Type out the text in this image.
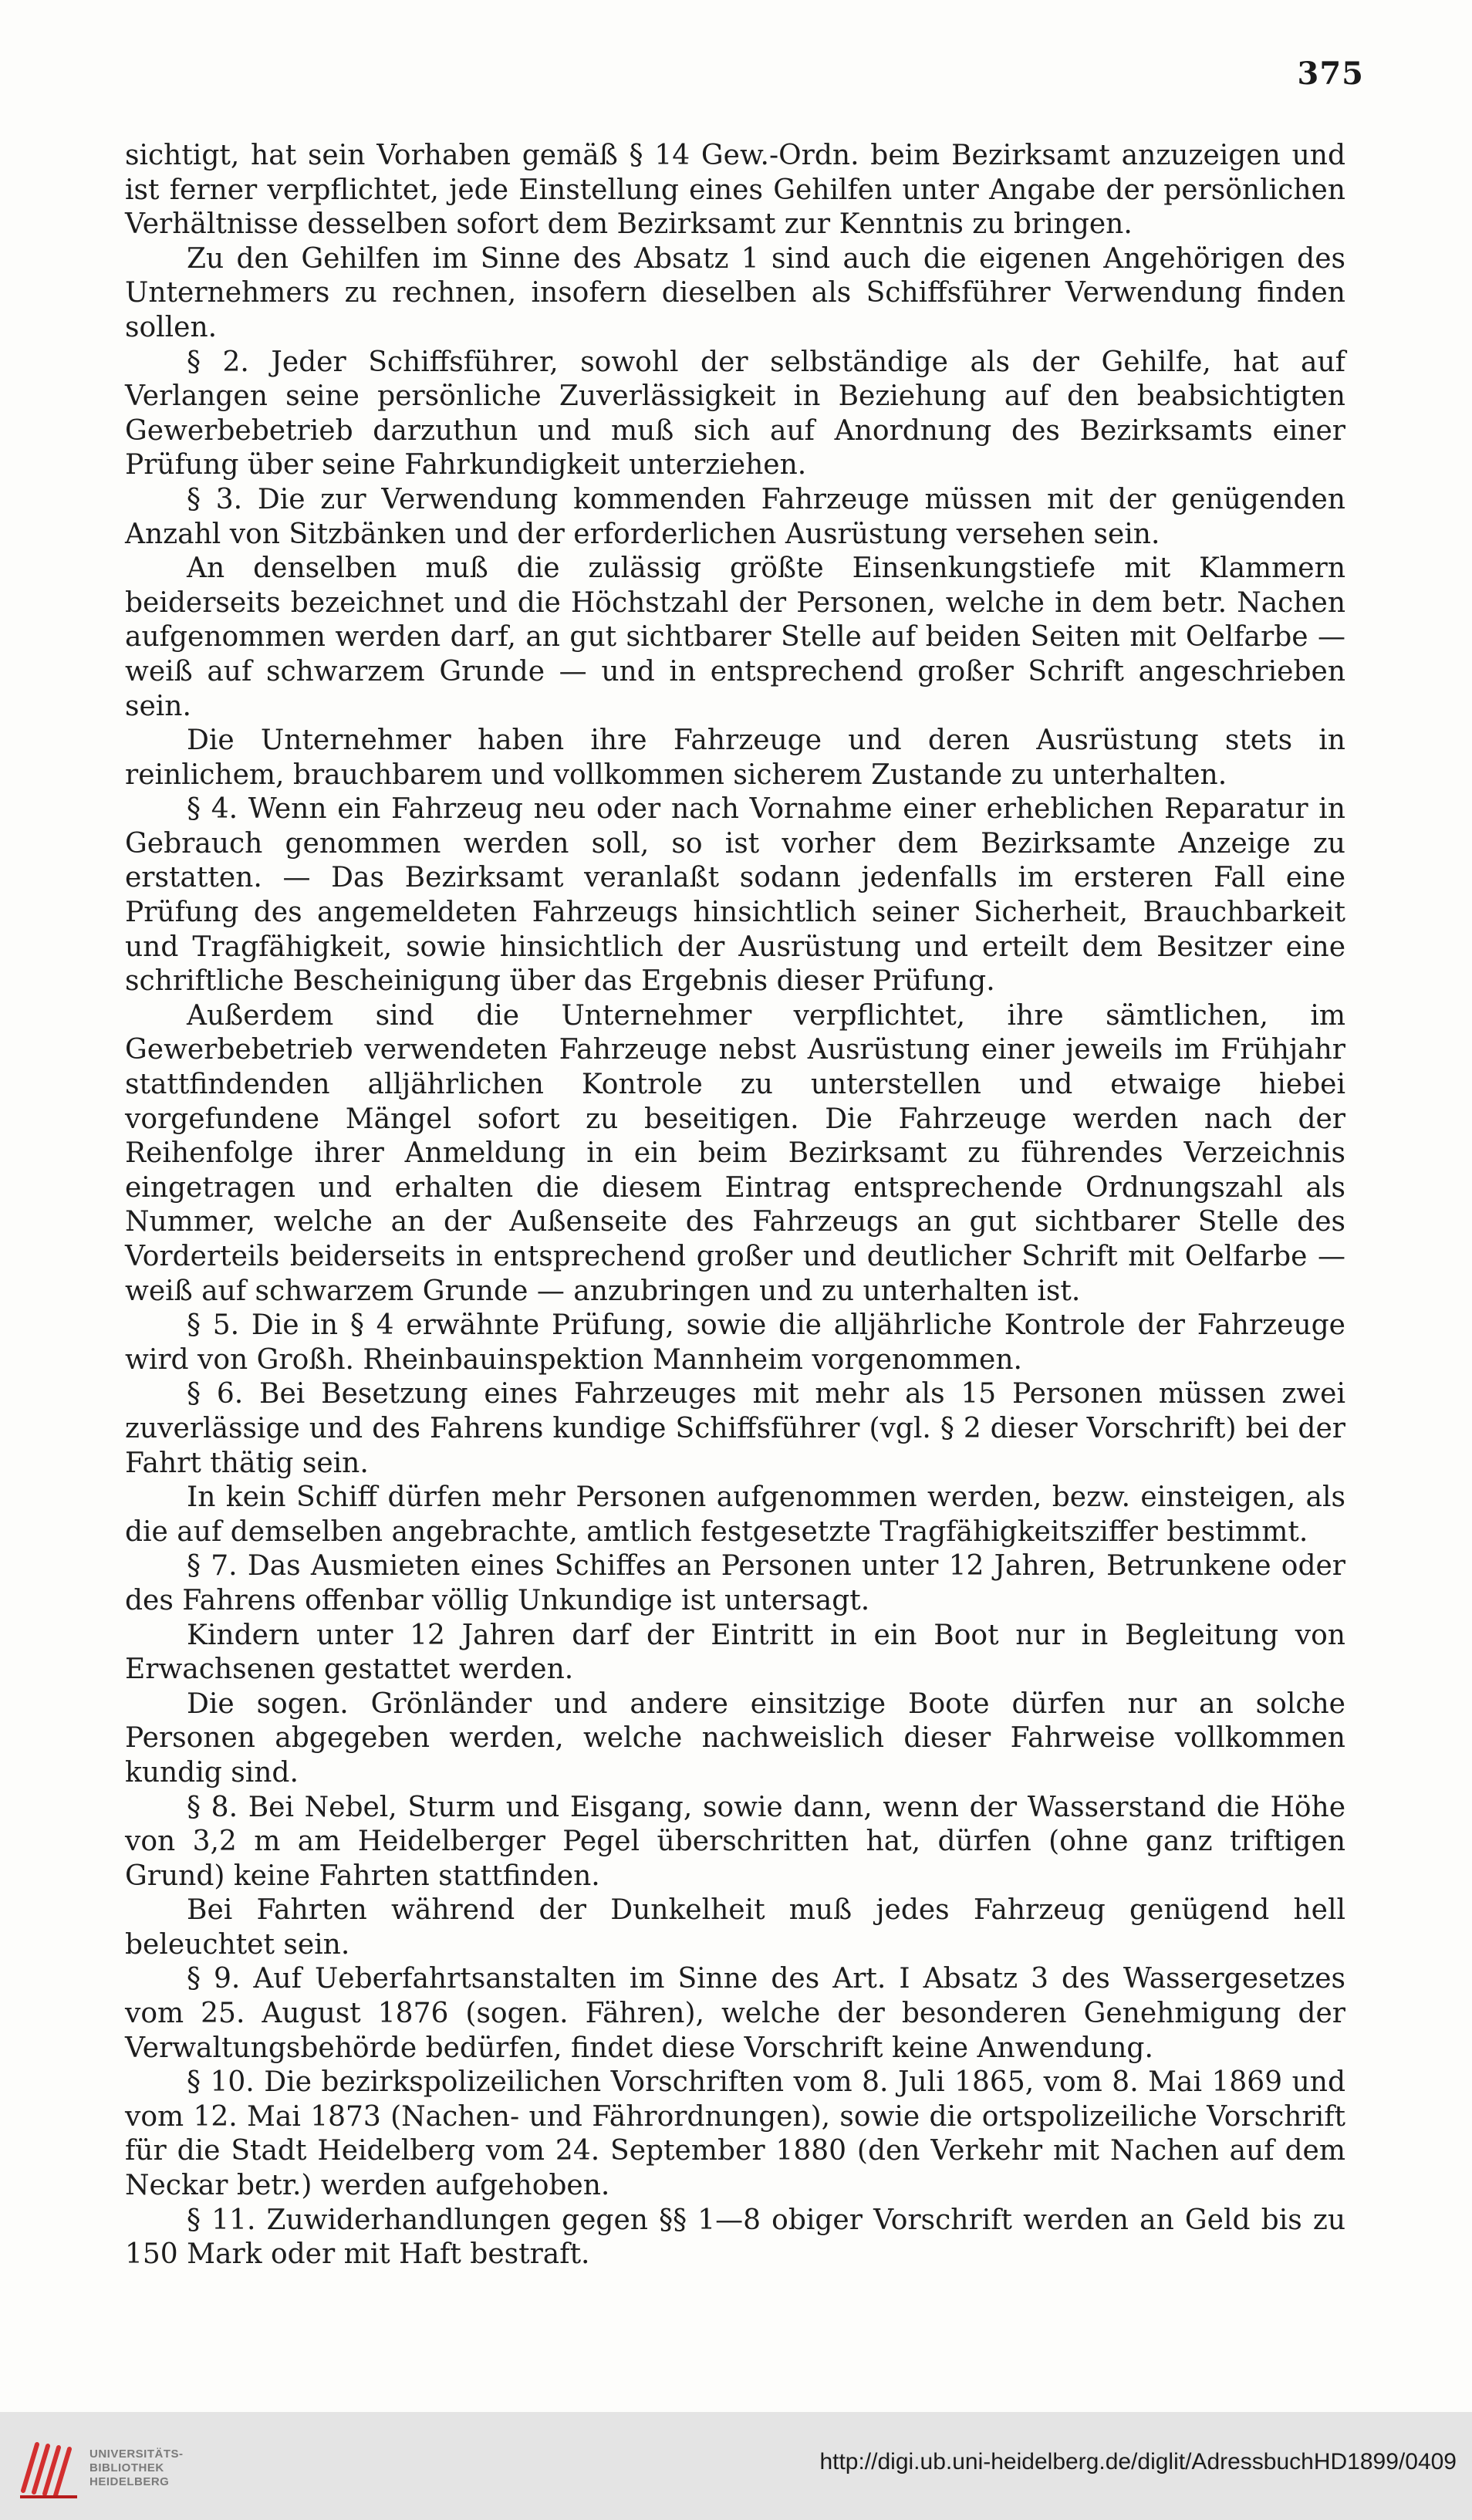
375

sichtigt, hat sein Vorhaben gemäß § 14 Gew.-Ordn. beim Bezirksamt anzuzeigen und ist ferner verpflichtet, jede Einstellung eines Gehilfen unter Angabe der persönlichen Verhältnisse desselben sofort dem Bezirksamt zur Kenntnis zu bringen.

Zu den Gehilfen im Sinne des Absatz 1 sind auch die eigenen Angehörigen des Unternehmers zu rechnen, insofern dieselben als Schiffsführer Verwendung finden sollen.

§ 2. Jeder Schiffsführer, sowohl der selbständige als der Gehilfe, hat auf Verlangen seine persönliche Zuverlässigkeit in Beziehung auf den beabsichtigten Gewerbebetrieb darzuthun und muß sich auf Anordnung des Bezirksamts einer Prüfung über seine Fahrkundigkeit unterziehen.

§ 3. Die zur Verwendung kommenden Fahrzeuge müssen mit der genügenden Anzahl von Sitzbänken und der erforderlichen Ausrüstung versehen sein.

An denselben muß die zulässig größte Einsenkungstiefe mit Klammern beiderseits bezeichnet und die Höchstzahl der Personen, welche in dem betr. Nachen aufgenommen werden darf, an gut sichtbarer Stelle auf beiden Seiten mit Oelfarbe — weiß auf schwarzem Grunde — und in entsprechend großer Schrift angeschrieben sein.

Die Unternehmer haben ihre Fahrzeuge und deren Ausrüstung stets in reinlichem, brauchbarem und vollkommen sicherem Zustande zu unterhalten.

§ 4. Wenn ein Fahrzeug neu oder nach Vornahme einer erheblichen Reparatur in Gebrauch genommen werden soll, so ist vorher dem Bezirksamte Anzeige zu erstatten. — Das Bezirksamt veranlaßt sodann jedenfalls im ersteren Fall eine Prüfung des angemeldeten Fahrzeugs hinsichtlich seiner Sicherheit, Brauchbarkeit und Tragfähigkeit, sowie hinsichtlich der Ausrüstung und erteilt dem Besitzer eine schriftliche Bescheinigung über das Ergebnis dieser Prüfung.

Außerdem sind die Unternehmer verpflichtet, ihre sämtlichen, im Gewerbebetrieb verwendeten Fahrzeuge nebst Ausrüstung einer jeweils im Frühjahr stattfindenden alljährlichen Kontrole zu unterstellen und etwaige hiebei vorgefundene Mängel sofort zu beseitigen. Die Fahrzeuge werden nach der Reihenfolge ihrer Anmeldung in ein beim Bezirksamt zu führendes Verzeichnis eingetragen und erhalten die diesem Eintrag entsprechende Ordnungszahl als Nummer, welche an der Außenseite des Fahrzeugs an gut sichtbarer Stelle des Vorderteils beiderseits in entsprechend großer und deutlicher Schrift mit Oelfarbe — weiß auf schwarzem Grunde — anzubringen und zu unterhalten ist.

§ 5. Die in § 4 erwähnte Prüfung, sowie die alljährliche Kontrole der Fahrzeuge wird von Großh. Rheinbauinspektion Mannheim vorgenommen.

§ 6. Bei Besetzung eines Fahrzeuges mit mehr als 15 Personen müssen zwei zuverlässige und des Fahrens kundige Schiffsführer (vgl. § 2 dieser Vorschrift) bei der Fahrt thätig sein.

In kein Schiff dürfen mehr Personen aufgenommen werden, bezw. einsteigen, als die auf demselben angebrachte, amtlich festgesetzte Tragfähigkeitsziffer bestimmt.

§ 7. Das Ausmieten eines Schiffes an Personen unter 12 Jahren, Betrunkene oder des Fahrens offenbar völlig Unkundige ist untersagt.

Kindern unter 12 Jahren darf der Eintritt in ein Boot nur in Begleitung von Erwachsenen gestattet werden.

Die sogen. Grönländer und andere einsitzige Boote dürfen nur an solche Personen abgegeben werden, welche nachweislich dieser Fahrweise vollkommen kundig sind.

§ 8. Bei Nebel, Sturm und Eisgang, sowie dann, wenn der Wasserstand die Höhe von 3,2 m am Heidelberger Pegel überschritten hat, dürfen (ohne ganz triftigen Grund) keine Fahrten stattfinden.

Bei Fahrten während der Dunkelheit muß jedes Fahrzeug genügend hell beleuchtet sein.

§ 9. Auf Ueberfahrtsanstalten im Sinne des Art. I Absatz 3 des Wassergesetzes vom 25. August 1876 (sogen. Fähren), welche der besonderen Genehmigung der Verwaltungsbehörde bedürfen, findet diese Vorschrift keine Anwendung.

§ 10. Die bezirkspolizeilichen Vorschriften vom 8. Juli 1865, vom 8. Mai 1869 und vom 12. Mai 1873 (Nachen- und Fährordnungen), sowie die ortspolizeiliche Vorschrift für die Stadt Heidelberg vom 24. September 1880 (den Verkehr mit Nachen auf dem Neckar betr.) werden aufgehoben.

§ 11. Zuwiderhandlungen gegen §§ 1—8 obiger Vorschrift werden an Geld bis zu 150 Mark oder mit Haft bestraft.

UNIVERSITÄTS-
BIBLIOTHEK
HEIDELBERG
http://digi.ub.uni-heidelberg.de/diglit/AdressbuchHD1899/0409
